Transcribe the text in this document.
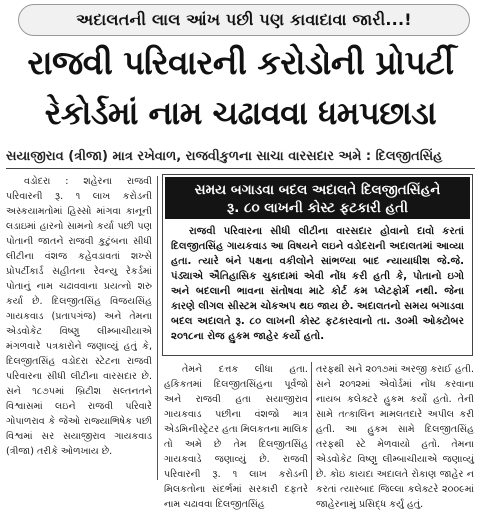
અદાલતની લાલ આંખ પછી પણ કાવાદાવા જારી...!
રાજવી પરિવારની કરોડોની પ્રોપર્ટી
રેકોર્ડમાં નામ ચઢાવવા ધમપછાડા
સયાજીરાવ (ત્રીજા) માત્ર રખેવાળ, રાજવીકુળના સાચા વારસદાર અમે : દિલજીતસિંહ
વડોદરા : શહેરના રાજવી પરિવારની રૂ. ૧ લાખ કરોડની અસ્કયામતોમાં હિસ્સો માંગવા કાનૂની લડાઇમાં હારનો સામનો કર્યા પછી પણ પોતાની જાતને રાજવી કુટુંબના સીધી લીટીના વંશજ કહેવડાવતાં શખ્સે પ્રોપર્ટીકાર્ડ સહીતના રેવન્યુ રેકર્ડમાં પોતાનું નામ ચઢાવવાના પ્રયત્નો શરુ કર્યા છે. દિલજીતસિંહ વિજયસિંહ ગાયકવાડ (પ્રતાપગંજ) અને તેમના એડવોકેટ વિષ્ણુ લીમ્બાચીયાએ મંગળવારે પત્રકારોને જણાવ્યું હતું કે, દિલજીતસિંહ વડોદરા સ્ટેટના રાજવી પરિવારના સીધી લીટીના વારસદાર છે. સને ૧૮૭૫માં બ્રિટીશ સલ્તનતને વિશ્વાસમાં લઇને રાજવી પરિવારે ગોપાળરાવ કે જેઓ રાજ્યાભિષેક પછી વિશ્વમાં સર સયાજીરાવ ગાયકવાડ (ત્રીજા) તરીકે ઓળખાય છે.
સમય બગાડવા બદલ અદાલતે દિલજીતસિંહને
રૂ. ૮૦ લાખની કોસ્ટ ફટકારી હતી
રાજવી પરિવારના સીધી લીટીના વારસદાર હોવાનો દાવો કરતાં દિલજીતસિંહ ગાયકવાડ આ વિષયને લઇને વડોદરાની અદાલતમાં આવ્યા હતા. ત્યારે બંને પક્ષના વકીલોને સાંભળ્યા બાદ ન્યાયાધીશ જે.જે. પંડ્યાએ ઐતિહાસિક ચુકાદામાં એવી નોંધ કરી હતી કે, પોતાનો ઇગો અને બદલાની ભાવના સંતોષવા માટે કોર્ટ કમ પ્લેટફોર્મ નથી. જેના કારણે લીગલ સીસ્ટમ ચોકઅપ થઇ જાય છે. અદાલતનો સમય બગાડવા બદલ અદાલતે રૂ. ૮૦ લાખની કોસ્ટ ફટકારવાનો તા. ૩૦મી ઓક્ટોબર ૨૦૧૮ના રોજ હુકમ જાહેર કર્યો હતો.
તેમને દત્તક લીધા હતા. હકિકતમાં દિલજીતસિંહના પૂર્વજો અને રાજવી હતા સયાજીરાવ ગાયકવાડ પછીના વંશજો માત્ર એડમિનીસ્ટ્રેટર હતા મિલકતના માલિક તો અમે છે તેમ દિલજીતસિંહ ગાયકવાડે જણાવ્યું છે. રાજવી પરિવારની રૂ. ૧ લાખ કરોડની મિલકતોના સંદર્ભમાં સરકારી દફતરે નામ ચઢાવવા દિલજીતસિંહ
તરફથી સને ૨૦૧૭માં અરજી કરાઈ હતી. સને ૨૦૧૨માં એવોર્ડમાં નોંધ કરવાના નાયબ કલેક્ટરે હુકમ કર્યો હતો. તેની સામે તત્કાલિન મામલતદારે અપીલ કરી હતી. આ હુકમ સામે દિલજીતસિંહ તરફથી સ્ટે મેળવાયો હતો. તેમના એડવોકેટ વિષ્ણુ લીમ્બાચીયાએ જણાવ્યું છે. કોઇ કાયદા અદાલતે રોકાણ જાહેર ન કરતાં ત્યારબાદ જિલ્લા કલેક્ટરે ૨૦૦૯માં જાહેરનામું પ્રસિદ્ધ કર્યું હતું.
